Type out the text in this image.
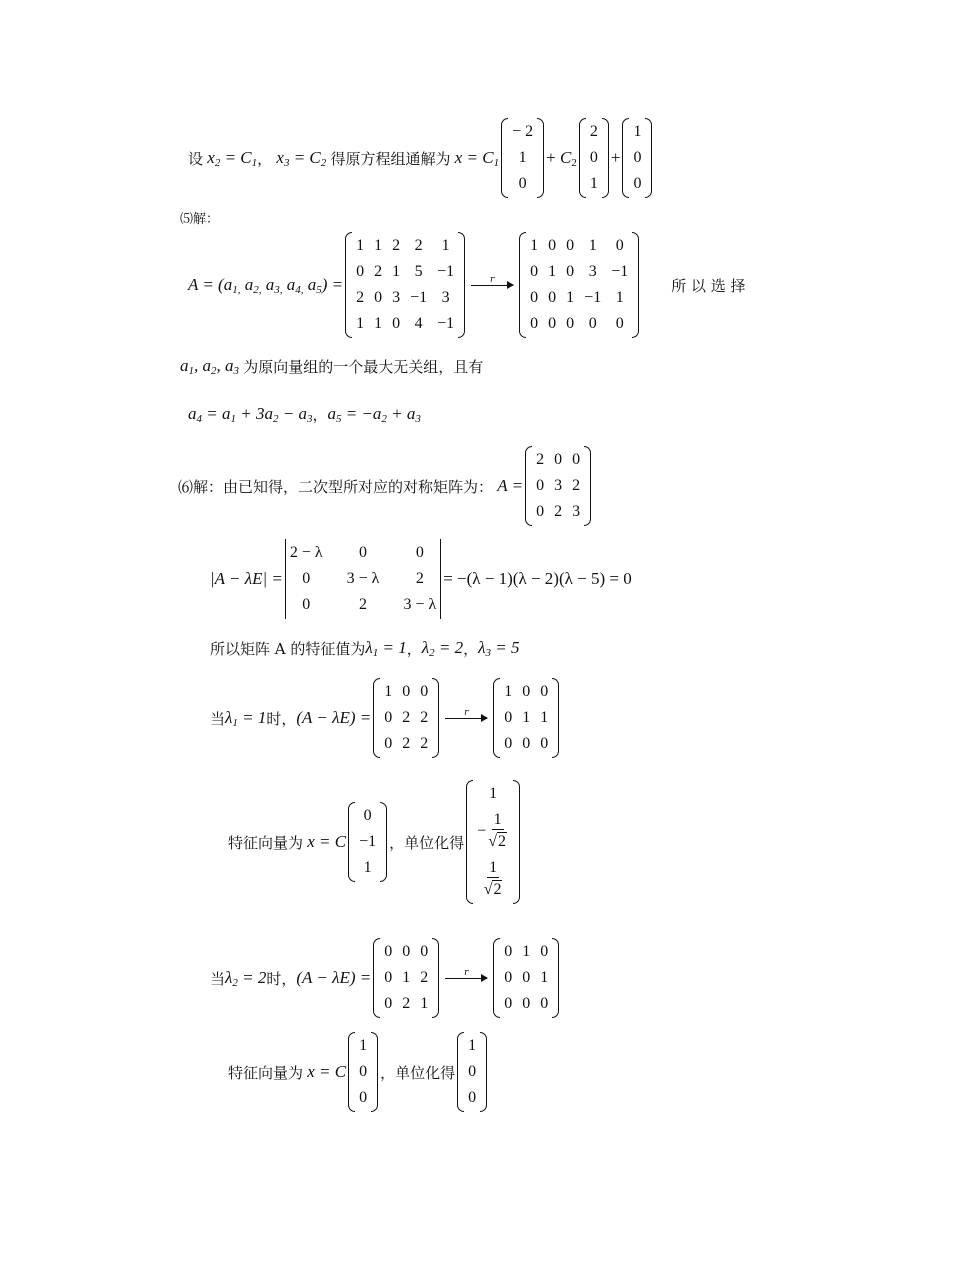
设 $x_2 = C_1$ ， $x_3 = C_2$ 得原方程组通解为 $x = C_1$
− 2
1
0
+ $C_2$
2
0
1
+
1
0
0
⑸解：
$A = (a_{1,}$ $a_{2,}$ $a_{3,}$ $a_{4,}$ $a_5$) =
1 1 2 2 1
0 2 1 5 −1
2 0 3 −1 3
1 1 0 4 −1
r

1 0 0 1 0
0 1 0 3 −1
0 0 1 −1 1
0 0 0 0 0
所 以 选 择
$a_1$, $a_2$, $a_3$ 为原向量组的一个最大无关组，且有
$a_4 = a_1 + 3a_2 - a_3$ ， $a_5 = -a_2 + a_3$
⑹解：由已知得，二次型所对应的对称矩阵为： A =
2 0 0
0 3 2
0 2 3
|A − λE| =
2 − λ	0	0
0	3 − λ	2
0	2	3 − λ
= −(λ − 1)(λ − 2)(λ − 5) = 0
所以矩阵 A 的特征值为 $\lambda_1 = 1$ ， $\lambda_2 = 2$ ， $\lambda_3 = 5$
当 $\lambda_1 = 1$ 时， (A − λE) =
1 0 0
0 2 2
0 2 2
r

1 0 0
0 1 1
0 0 0
特征向量为 x = C
0
−1
1
，单位化得
1
− $\frac{1}{√2}$
$\frac{1}{√2}$
当 $\lambda_2 = 2$ 时， (A − λE) =
0 0 0
0 1 2
0 2 1
r

0 1 0
0 0 1
0 0 0
特征向量为 x = C
1
0
0
，单位化得
1
0
0
